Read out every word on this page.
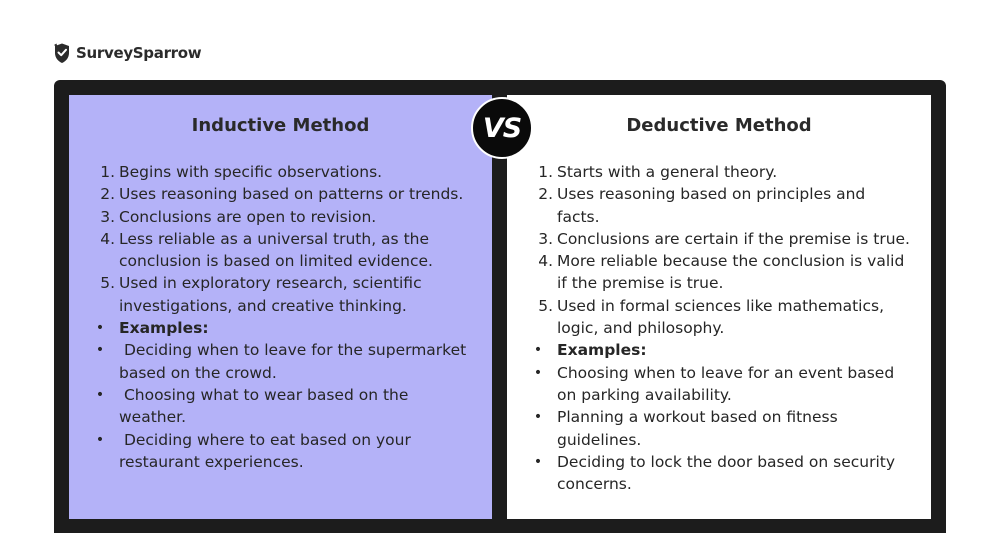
SurveySparrow
Inductive Method
1. Begins with specific observations.
2. Uses reasoning based on patterns or trends.
3. Conclusions are open to revision.
4. Less reliable as a universal truth, as the conclusion is based on limited evidence.
5. Used in exploratory research, scientific investigations, and creative thinking.
• Examples:
• Deciding when to leave for the supermarket based on the crowd.
• Choosing what to wear based on the weather.
• Deciding where to eat based on your restaurant experiences.
Deductive Method
1. Starts with a general theory.
2. Uses reasoning based on principles and facts.
3. Conclusions are certain if the premise is true.
4. More reliable because the conclusion is valid if the premise is true.
5. Used in formal sciences like mathematics, logic, and philosophy.
• Examples:
• Choosing when to leave for an event based on parking availability.
• Planning a workout based on fitness guidelines.
• Deciding to lock the door based on security concerns.
VS
